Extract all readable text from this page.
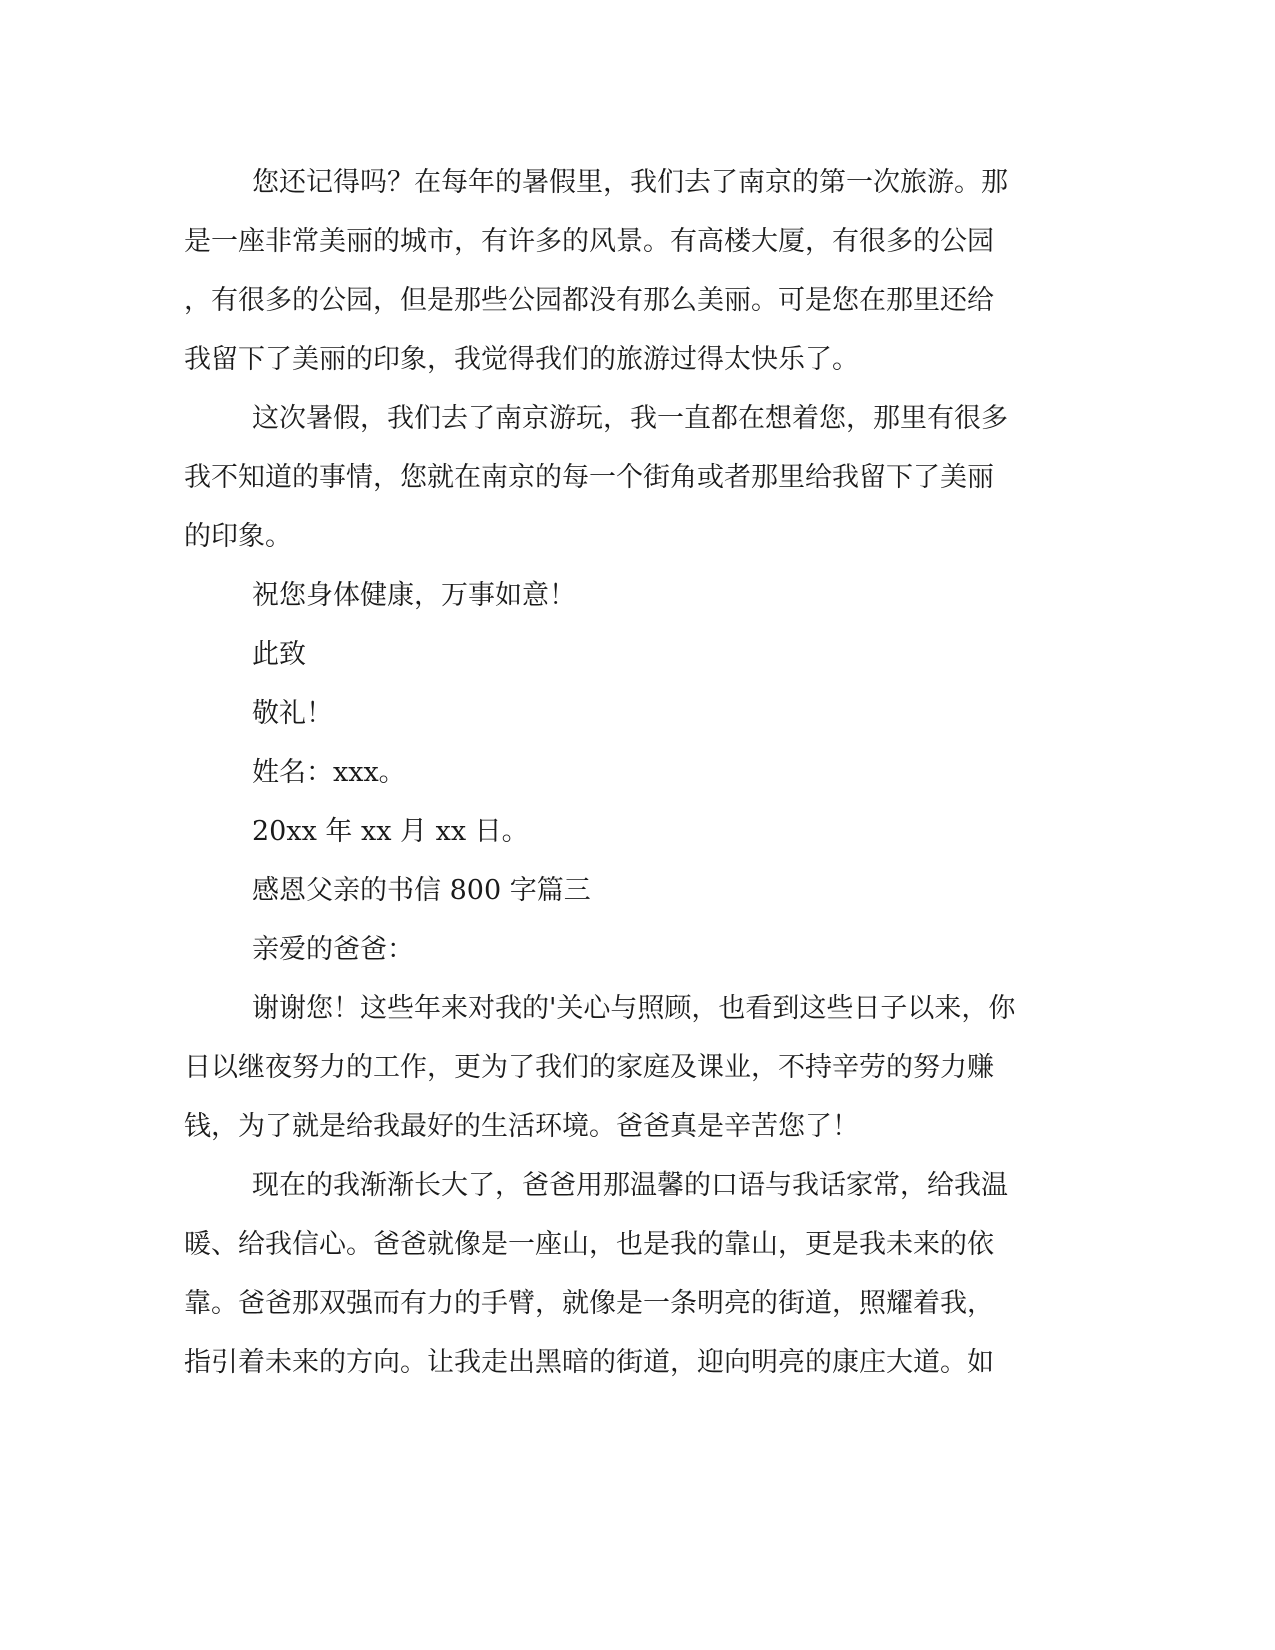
您还记得吗？在每年的暑假里，我们去了南京的第一次旅游。那
是一座非常美丽的城市，有许多的风景。有高楼大厦，有很多的公园
，有很多的公园，但是那些公园都没有那么美丽。可是您在那里还给
我留下了美丽的印象，我觉得我们的旅游过得太快乐了。
这次暑假，我们去了南京游玩，我一直都在想着您，那里有很多
我不知道的事情，您就在南京的每一个街角或者那里给我留下了美丽
的印象。
祝您身体健康，万事如意！
此致
敬礼！
姓名：xxx。
20xx 年 xx 月 xx 日。
感恩父亲的书信 800 字篇三
亲爱的爸爸：
谢谢您！这些年来对我的'关心与照顾，也看到这些日子以来，你
日以继夜努力的工作，更为了我们的家庭及课业，不持辛劳的努力赚
钱，为了就是给我最好的生活环境。爸爸真是辛苦您了！
现在的我渐渐长大了，爸爸用那温馨的口语与我话家常，给我温
暖、给我信心。爸爸就像是一座山，也是我的靠山，更是我未来的依
靠。爸爸那双强而有力的手臂，就像是一条明亮的街道，照耀着我，
指引着未来的方向。让我走出黑暗的街道，迎向明亮的康庄大道。如
